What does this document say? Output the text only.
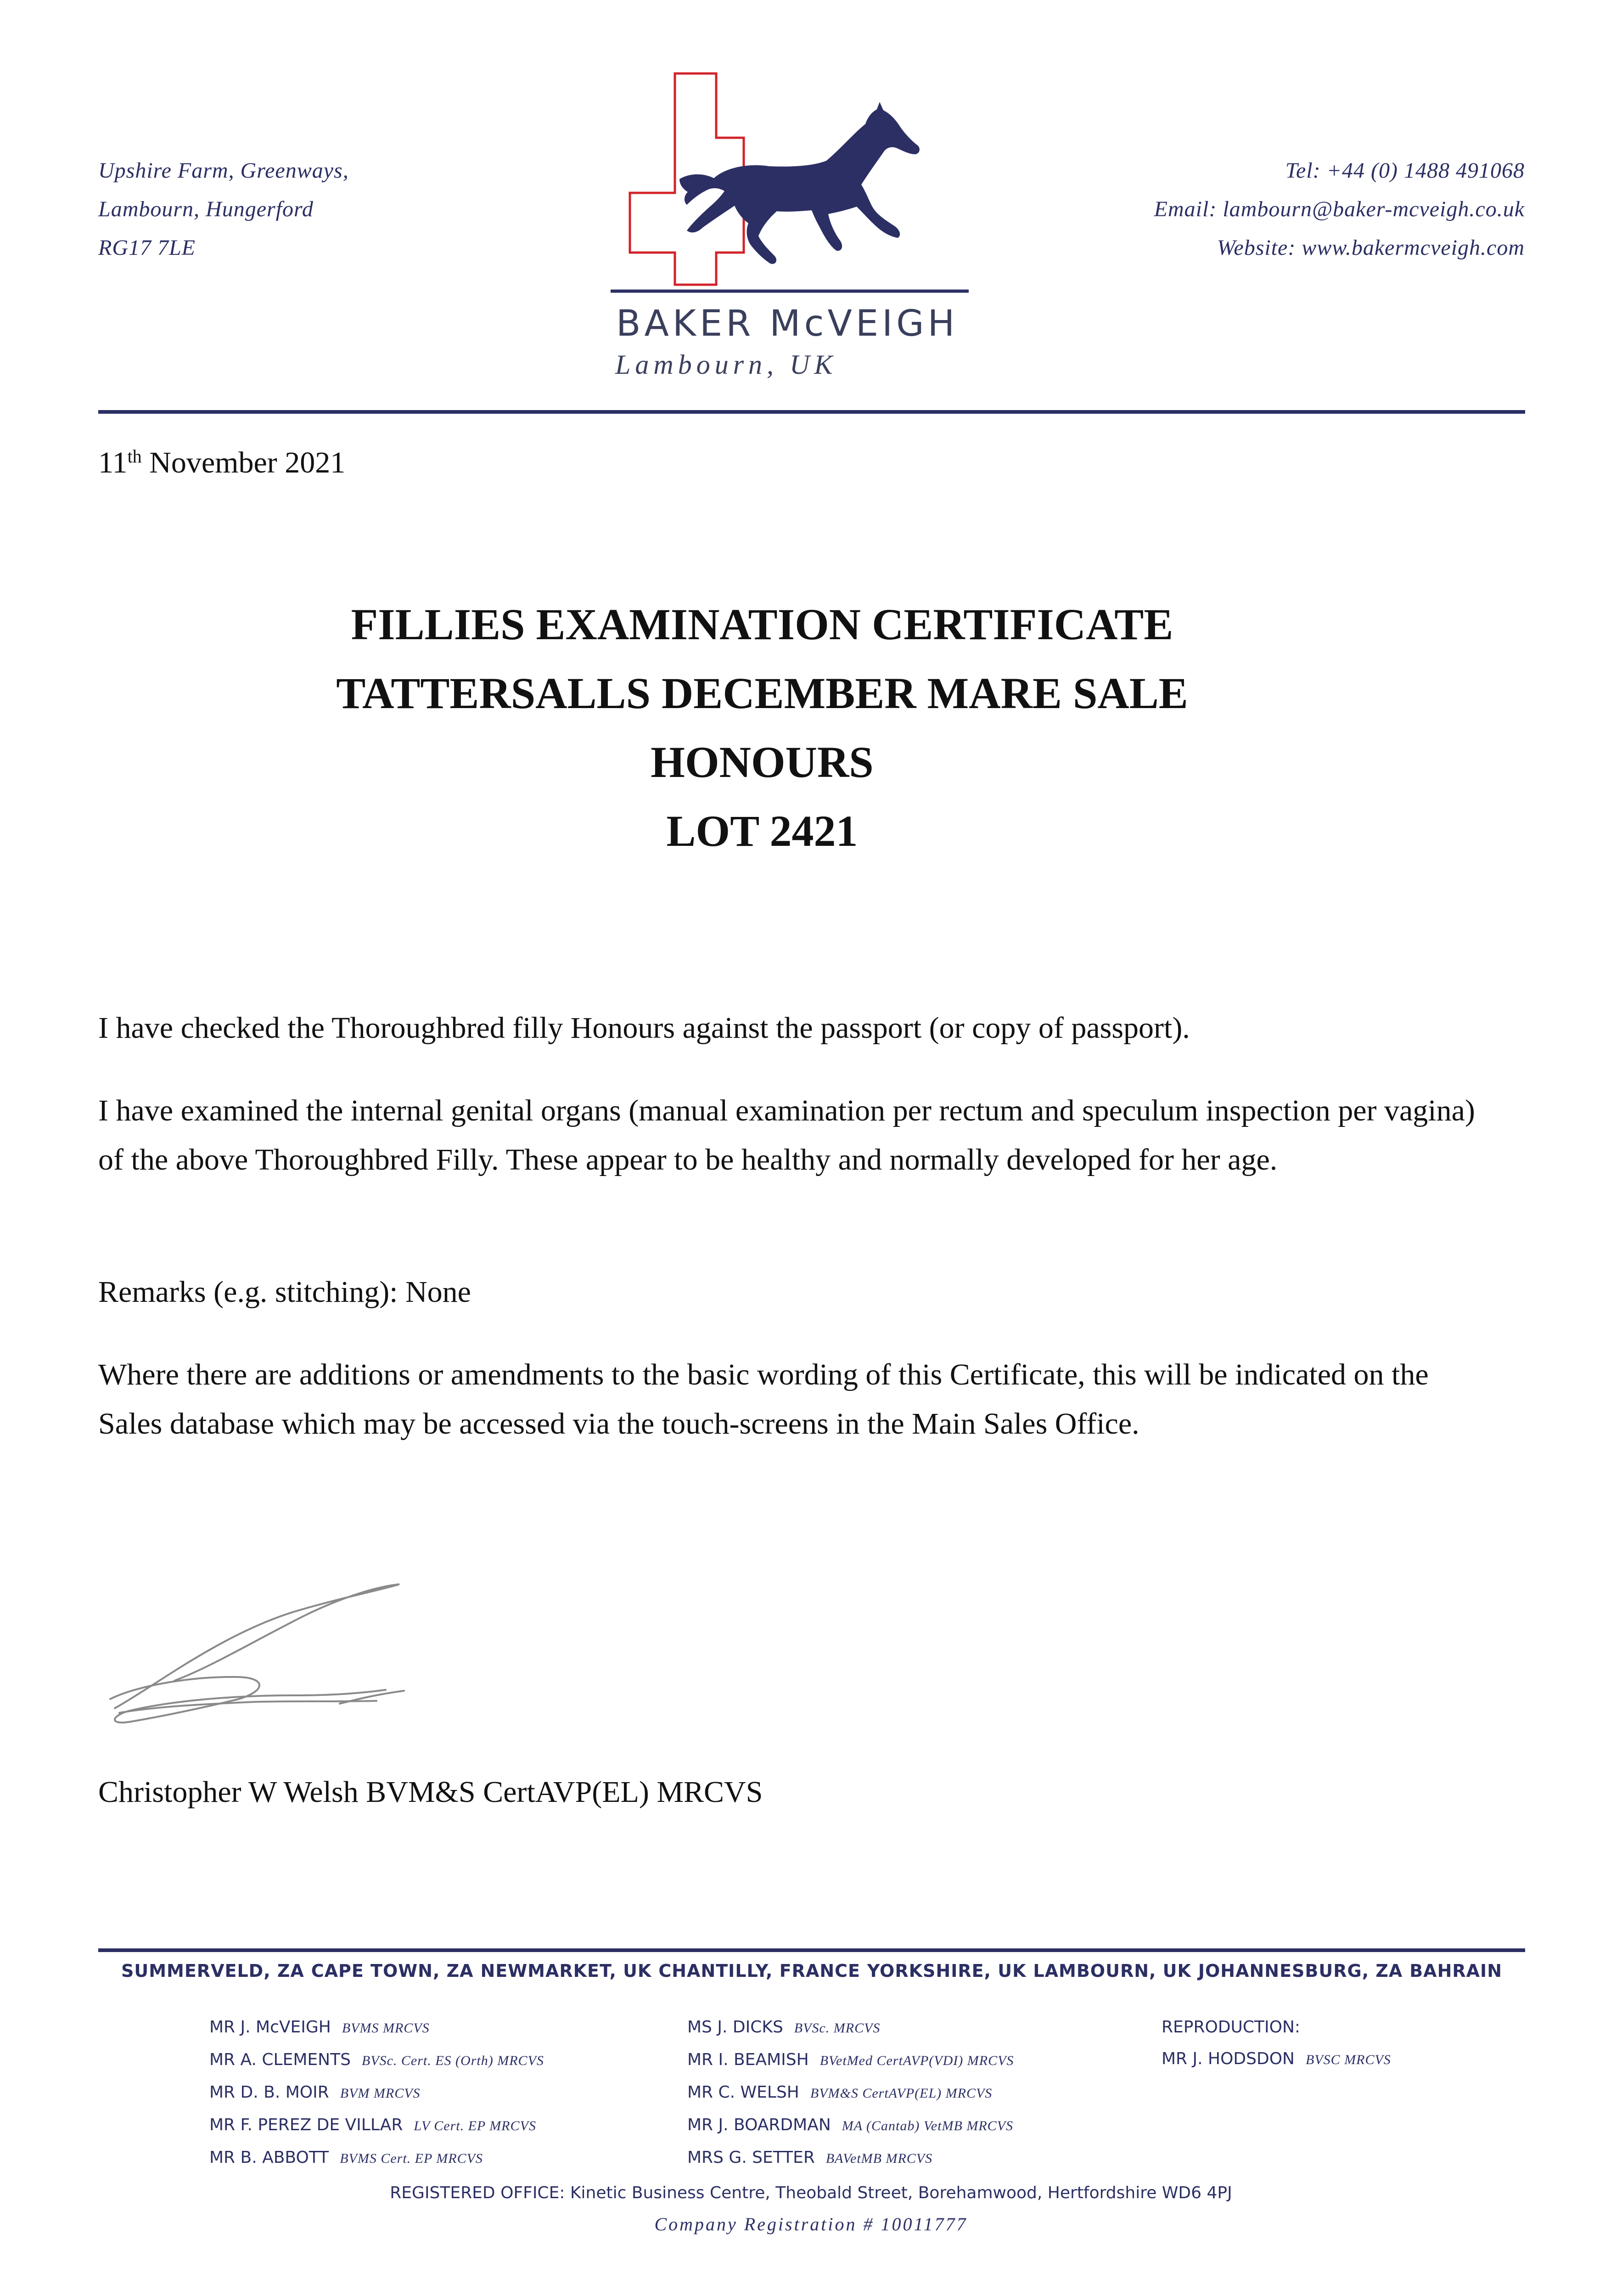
Upshire Farm, Greenways,
Lambourn, Hungerford
RG17 7LE
BAKER McVEIGH
Lambourn, UK
Tel: +44 (0) 1488 491068
Email: lambourn@baker-mcveigh.co.uk
Website: www.bakermcveigh.com
11th November 2021
FILLIES EXAMINATION CERTIFICATE
TATTERSALLS DECEMBER MARE SALE
HONOURS
LOT 2421
I have checked the Thoroughbred filly Honours against the passport (or copy of passport).
I have examined the internal genital organs (manual examination per rectum and speculum inspection per vagina) of the above Thoroughbred Filly. These appear to be healthy and normally developed for her age.
Remarks (e.g. stitching): None
Where there are additions or amendments to the basic wording of this Certificate, this will be indicated on the Sales database which may be accessed via the touch-screens in the Main Sales Office.
Christopher W Welsh BVM&S CertAVP(EL) MRCVS
SUMMERVELD, ZA CAPE TOWN, ZA NEWMARKET, UK CHANTILLY, FRANCE YORKSHIRE, UK LAMBOURN, UK JOHANNESBURG, ZA BAHRAIN
MR J. McVEIGH BVMS MRCVS
MR A. CLEMENTS BVSc. Cert. ES (Orth) MRCVS
MR D. B. MOIR BVM MRCVS
MR F. PEREZ DE VILLAR LV Cert. EP MRCVS
MR B. ABBOTT BVMS Cert. EP MRCVS
MS J. DICKS BVSc. MRCVS
MR I. BEAMISH BVetMed CertAVP(VDI) MRCVS
MR C. WELSH BVM&S CertAVP(EL) MRCVS
MR J. BOARDMAN MA (Cantab) VetMB MRCVS
MRS G. SETTER BAVetMB MRCVS
REPRODUCTION:
MR J. HODSDON BVSC MRCVS
REGISTERED OFFICE: Kinetic Business Centre, Theobald Street, Borehamwood, Hertfordshire WD6 4PJ
Company Registration # 10011777
